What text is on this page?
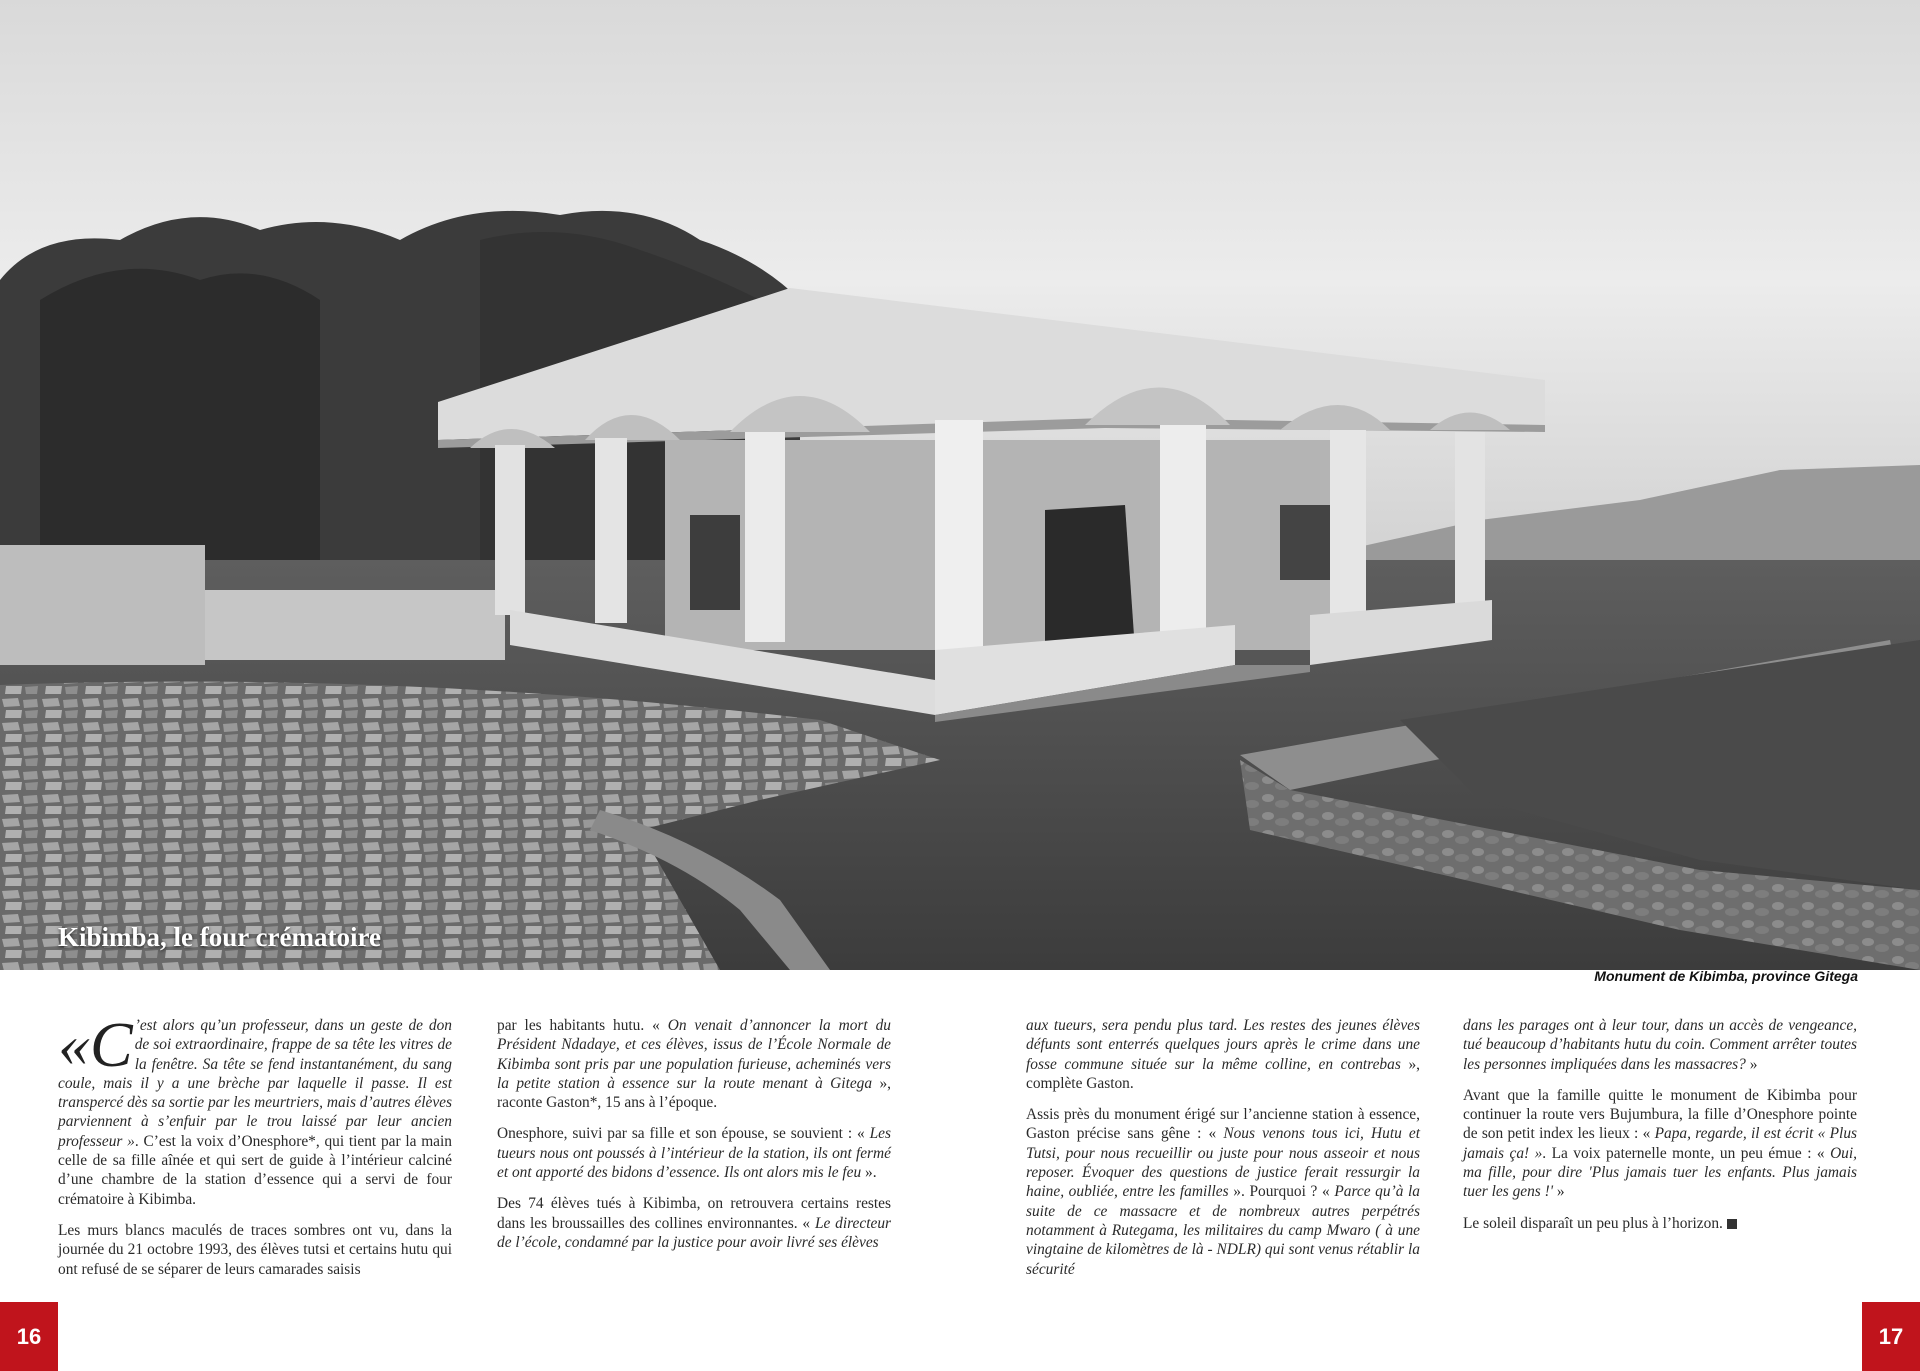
Kibimba, le four crématoire
Monument de Kibimba, province Gitega

«C ’est alors qu’un professeur, dans un geste de don de soi extraordinaire, frappe de sa tête les vitres de la fenêtre. Sa tête se fend instantanément, du sang coule, mais il y a une brèche par laquelle il passe. Il est transpercé dès sa sortie par les meurtriers, mais d’autres élèves parviennent à s’enfuir par le trou laissé par leur ancien professeur ». C’est la voix d’Onesphore*, qui tient par la main celle de sa fille aînée et qui sert de guide à l’intérieur calciné d’une chambre de la station d’essence qui a servi de four crématoire à Kibimba.

Les murs blancs maculés de traces sombres ont vu, dans la journée du 21 octobre 1993, des élèves tutsi et certains hutu qui ont refusé de se séparer de leurs camarades saisis

par les habitants hutu. « On venait d’annoncer la mort du Président Ndadaye, et ces élèves, issus de l’École Normale de Kibimba sont pris par une population furieuse, acheminés vers la petite station à essence sur la route menant à Gitega », raconte Gaston*, 15 ans à l’époque.

Onesphore, suivi par sa fille et son épouse, se souvient : « Les tueurs nous ont poussés à l’intérieur de la station, ils ont fermé et ont apporté des bidons d’essence. Ils ont alors mis le feu ».

Des 74 élèves tués à Kibimba, on retrouvera certains restes dans les broussailles des collines environnantes. « Le directeur de l’école, condamné par la justice pour avoir livré ses élèves

aux tueurs, sera pendu plus tard. Les restes des jeunes élèves défunts sont enterrés quelques jours après le crime dans une fosse commune située sur la même colline, en contrebas », complète Gaston.

Assis près du monument érigé sur l’ancienne station à essence, Gaston précise sans gêne : « Nous venons tous ici, Hutu et Tutsi, pour nous recueillir ou juste pour nous asseoir et nous reposer. Évoquer des questions de justice ferait ressurgir la haine, oubliée, entre les familles ». Pourquoi ? « Parce qu’à la suite de ce massacre et de nombreux autres perpétrés notamment à Rutegama, les militaires du camp Mwaro ( à une vingtaine de kilomètres de là - NDLR) qui sont venus rétablir la sécurité

dans les parages ont à leur tour, dans un accès de vengeance, tué beaucoup d’habitants hutu du coin. Comment arrêter toutes les personnes impliquées dans les massacres? »

Avant que la famille quitte le monument de Kibimba pour continuer la route vers Bujumbura, la fille d’Onesphore pointe de son petit index les lieux : « Papa, regarde, il est écrit « Plus jamais ça! ». La voix paternelle monte, un peu émue : « Oui, ma fille, pour dire 'Plus jamais tuer les enfants. Plus jamais tuer les gens !' »

Le soleil disparaît un peu plus à l’horizon.

16	17
